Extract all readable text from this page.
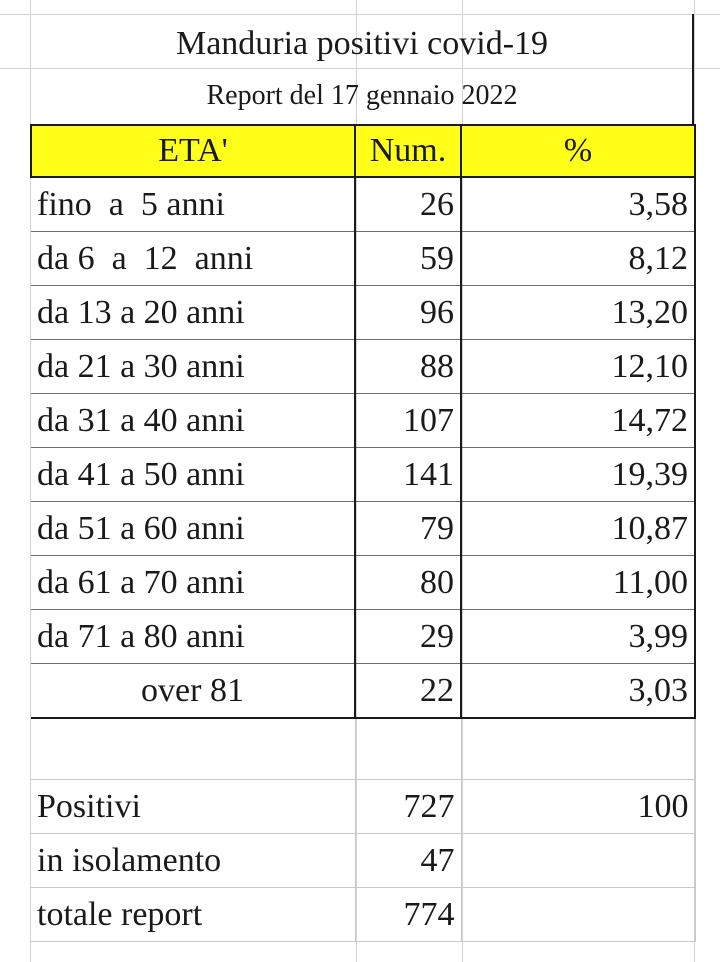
Manduria positivi covid-19
Report del 17 gennaio 2022
ETA'	Num.	%
fino  a  5 anni	26	3,58
da 6  a  12  anni	59	8,12
da 13 a 20 anni	96	13,20
da 21 a 30 anni	88	12,10
da 31 a 40 anni	107	14,72
da 41 a 50 anni	141	19,39
da 51 a 60 anni	79	10,87
da 61 a 70 anni	80	11,00
da 71 a 80 anni	29	3,99
over 81	22	3,03

Positivi	727	100
in isolamento	47	
totale report	774	
